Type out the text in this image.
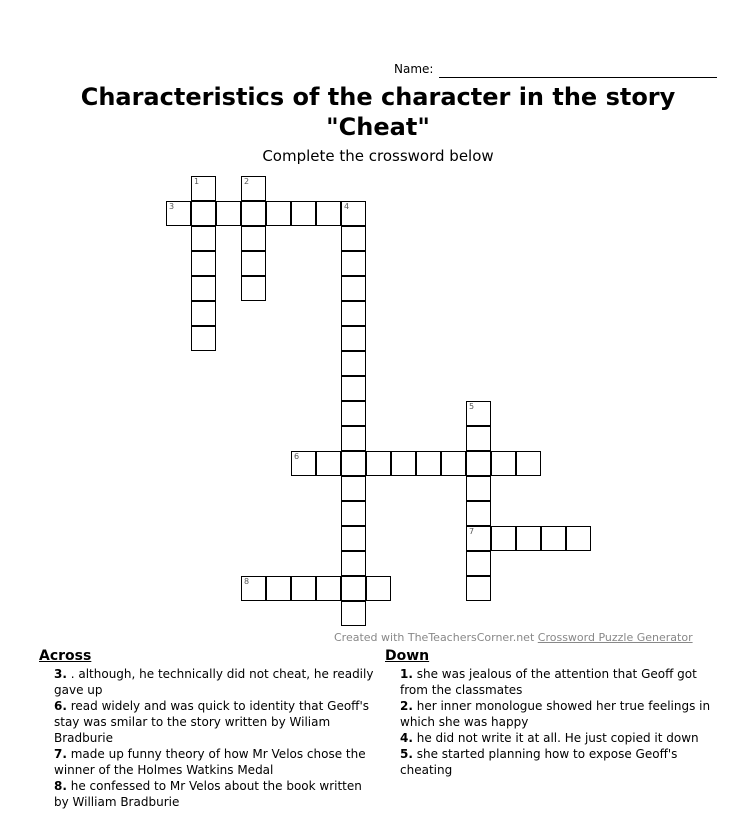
Name:
Characteristics of the character in the story "Cheat"
Complete the crossword below
1	2
3	4
5
7
6
8
Created with TheTeachersCorner.net Crossword Puzzle Generator
Across
3. . although, he technically did not cheat, he readily gave up
6. read widely and was quick to identity that Geoff's stay was smilar to the story written by Wiliam Bradburie
7. made up funny theory of how Mr Velos chose the winner of the Holmes Watkins Medal
8. he confessed to Mr Velos about the book written by William Bradburie
Down
1. she was jealous of the attention that Geoff got from the classmates
2. her inner monologue showed her true feelings in which she was happy
4. he did not write it at all. He just copied it down
5. she started planning how to expose Geoff's cheating
